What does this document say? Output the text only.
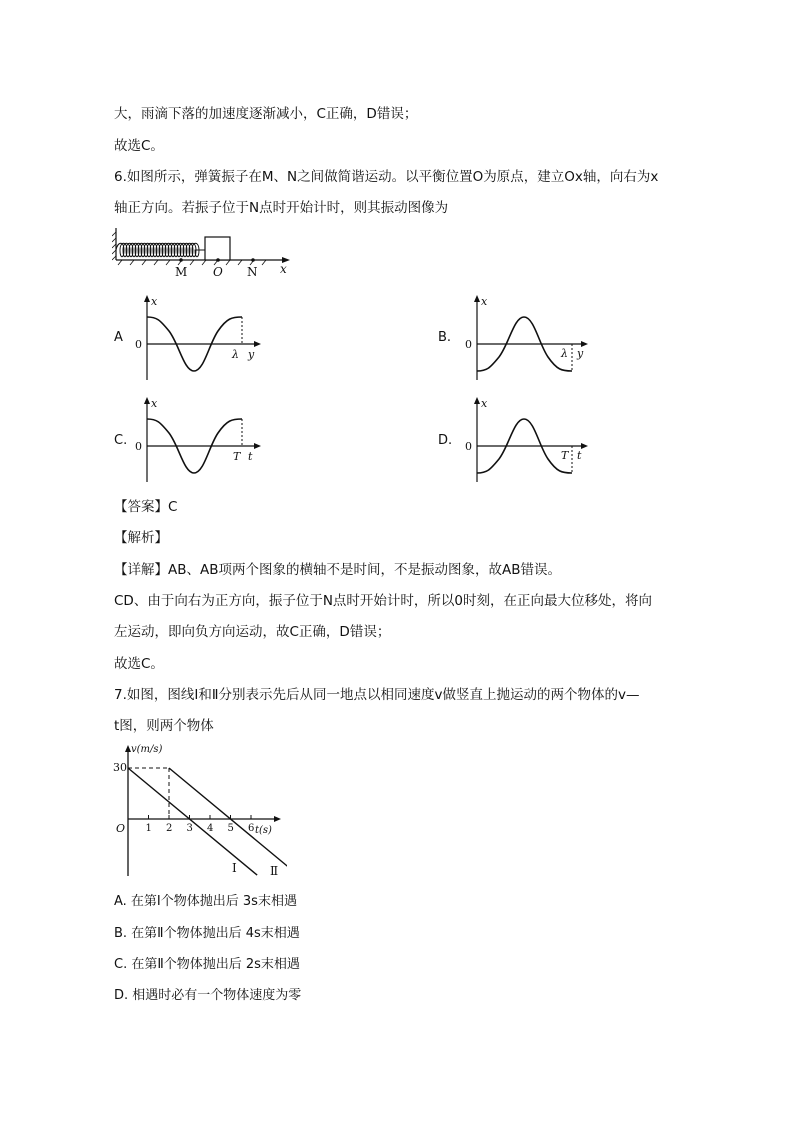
大，雨滴下落的加速度逐渐减小，C正确，D错误；
故选C。
6.如图所示，弹簧振子在M、N之间做简谐运动。以平衡位置O为原点，建立Ox轴，向右为x
轴正方向。若振子位于N点时开始计时，则其振动图像为
M O N x
A
x
0
λ y
B.
x
0
λ y
C.
x
0
T t
D.
x
0
T t
【答案】C
【解析】
【详解】AB、AB项两个图象的横轴不是时间，不是振动图象，故AB错误。
CD、由于向右为正方向，振子位于N点时开始计时，所以0时刻，在正向最大位移处，将向
左运动，即向负方向运动，故C正确，D错误；
故选C。
7.如图，图线Ⅰ和Ⅱ分别表示先后从同一地点以相同速度v做竖直上抛运动的两个物体的v—
t图，则两个物体
v(m/s)
t(s)
O
30
1 2 3 4 5 6
Ⅰ	Ⅱ
A. 在第Ⅰ个物体抛出后 3s末相遇
B. 在第Ⅱ个物体抛出后 4s末相遇
C. 在第Ⅱ个物体抛出后 2s末相遇
D. 相遇时必有一个物体速度为零
